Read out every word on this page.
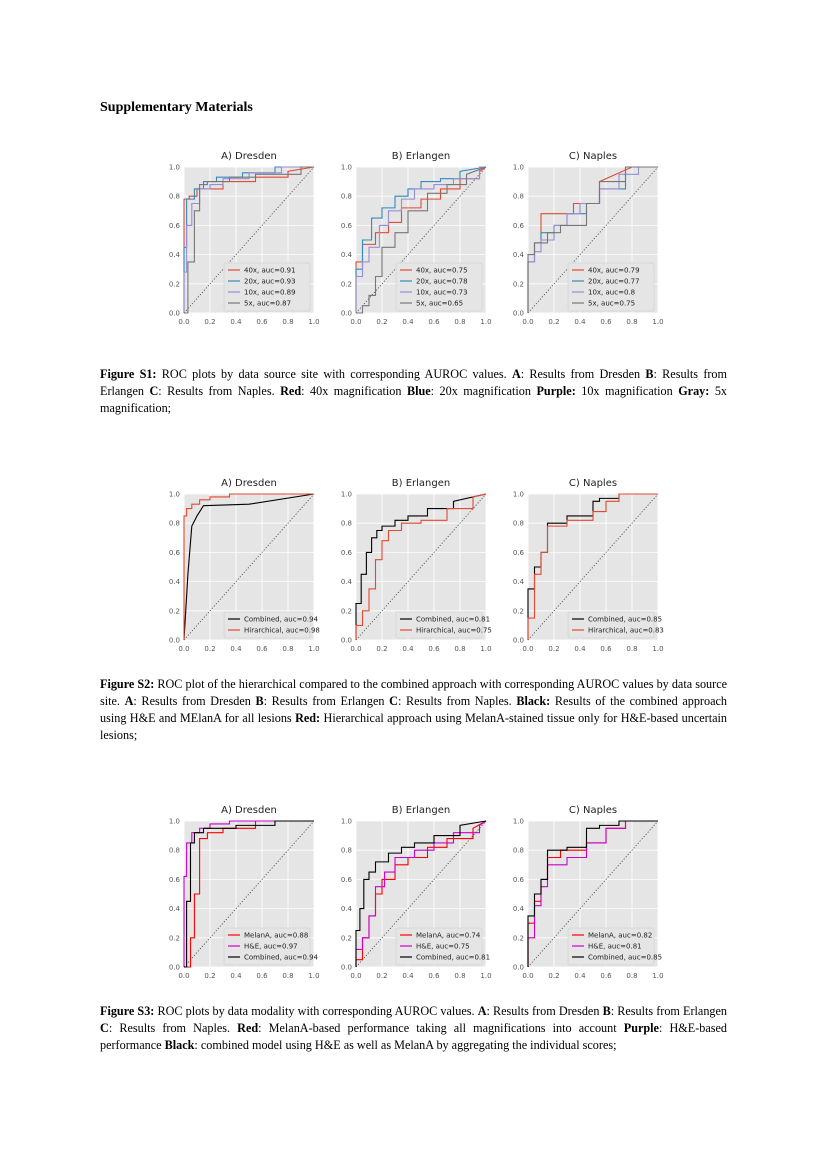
Supplementary Materials
A) Dresden
0.0 0.2 0.4 0.6 0.8 1.0
0.0
0.2
0.4
0.6
0.8
1.0
40x, auc=0.91
20x, auc=0.93
10x, auc=0.89
5x, auc=0.87
B) Erlangen
0.0 0.2 0.4 0.6 0.8 1.0
0.0
0.2
0.4
0.6
0.8
1.0
40x, auc=0.75
20x, auc=0.78
10x, auc=0.73
5x, auc=0.65
C) Naples
0.0 0.2 0.4 0.6 0.8 1.0
0.0
0.2
0.4
0.6
0.8
1.0
40x, auc=0.79
20x, auc=0.77
10x, auc=0.8
5x, auc=0.75
Figure S1: ROC plots by data source site with corresponding AUROC values. A: Results from Dresden B: Results from Erlangen C: Results from Naples. Red: 40x magnification Blue: 20x magnification Purple: 10x magnification Gray: 5x magnification;
A) Dresden
0.0 0.2 0.4 0.6 0.8 1.0
0.0
0.2
0.4
0.6
0.8
1.0
Combined, auc=0.94
Hirarchical, auc=0.98
B) Erlangen
0.0 0.2 0.4 0.6 0.8 1.0
0.0
0.2
0.4
0.6
0.8
1.0
Combined, auc=0.81
Hirarchical, auc=0.75
C) Naples
0.0 0.2 0.4 0.6 0.8 1.0
0.0
0.2
0.4
0.6
0.8
1.0
Combined, auc=0.85
Hirarchical, auc=0.83
Figure S2: ROC plot of the hierarchical compared to the combined approach with corresponding AUROC values by data source site. A: Results from Dresden B: Results from Erlangen C: Results from Naples. Black: Results of the combined approach using H&E and MElanA for all lesions Red: Hierarchical approach using MelanA-stained tissue only for H&E-based uncertain lesions;
A) Dresden
0.0 0.2 0.4 0.6 0.8 1.0
0.0
0.2
0.4
0.6
0.8
1.0
MelanA, auc=0.88
H&E, auc=0.97
Combined, auc=0.94
B) Erlangen
0.0 0.2 0.4 0.6 0.8 1.0
0.0
0.2
0.4
0.6
0.8
1.0
MelanA, auc=0.74
H&E, auc=0.75
Combined, auc=0.81
C) Naples
0.0 0.2 0.4 0.6 0.8 1.0
0.0
0.2
0.4
0.6
0.8
1.0
MelanA, auc=0.82
H&E, auc=0.81
Combined, auc=0.85
Figure S3: ROC plots by data modality with corresponding AUROC values. A: Results from Dresden B: Results from Erlangen C: Results from Naples. Red: MelanA-based performance taking all magnifications into account Purple: H&E-based performance Black: combined model using H&E as well as MelanA by aggregating the individual scores;
